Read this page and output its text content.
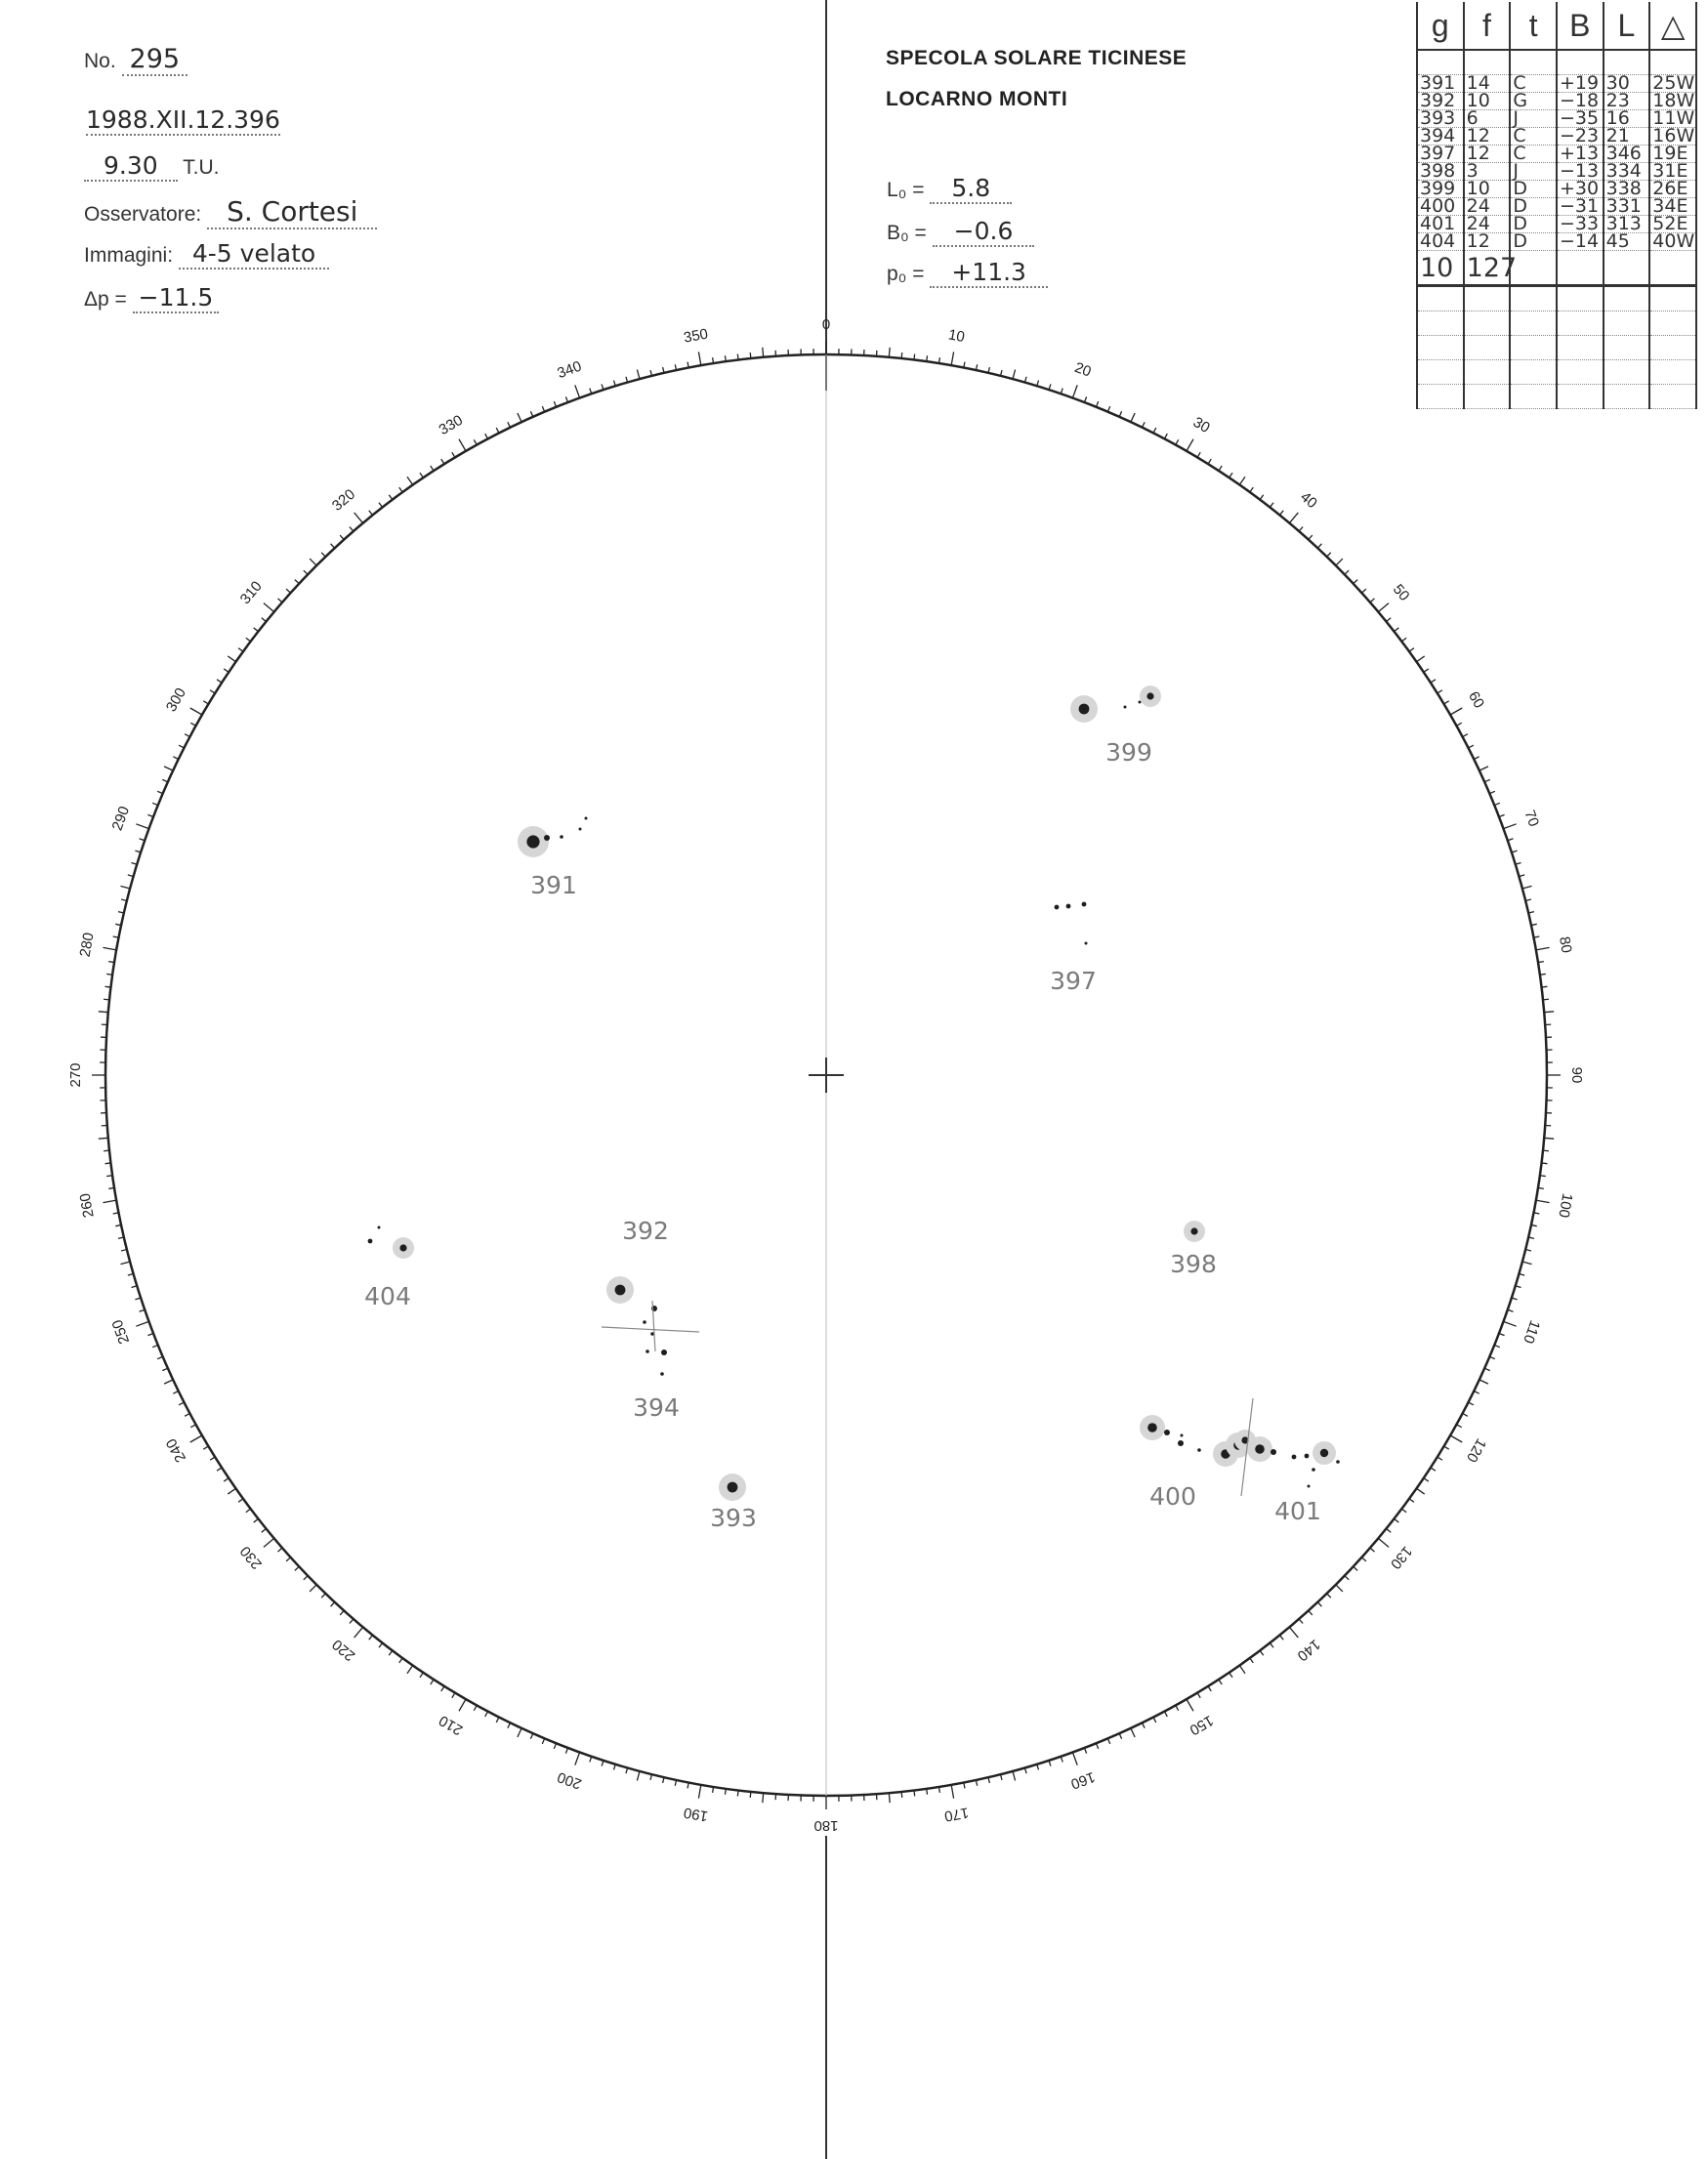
No. 295
1988.XII.12.396
9.30 T.U.
Osservatore: S. Cortesi
Immagini: 4-5 velato
Δp = −11.5
SPECOLA SOLARE TICINESE
LOCARNO MONTI
L₀ = 5.8
B₀ = −0.6
p₀ = +11.3
g	f	t	B	L	△

391	14	C	+19	30	25W
392	10	G	−18	23	18W
393	6	J	−35	16	11W
394	12	C	−23	21	16W
397	12	C	+13	346	19E
398	3	J	−13	334	31E
399	10	D	+30	338	26E
400	24	D	−31	331	34E
401	24	D	−33	313	52E
404	12	D	−14	45	40W
10	127				

0
10
20
30
40
50
60
70
80
90
100
110
120
130
140
150
160
170
180
190
200
210
220
230
240
250
260
270
280
290
300
310
320
330
340
350
391
399
397
398
392
404
394
393
400
401
